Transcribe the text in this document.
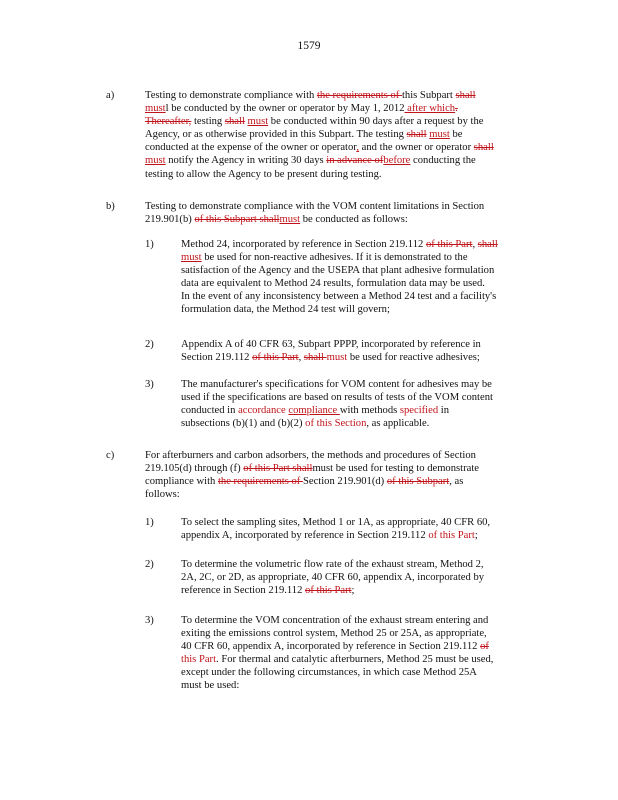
1579
a)	Testing to demonstrate compliance with the requirements of this Subpart shall
mustl be conducted by the owner or operator by May 1, 2012 after which.
Thereafter, testing shall must be conducted within 90 days after a request by the
Agency, or as otherwise provided in this Subpart. The testing shall must be
conducted at the expense of the owner or operator, and the owner or operator shall
must notify the Agency in writing 30 days in advance ofbefore conducting the
testing to allow the Agency to be present during testing.
b)	Testing to demonstrate compliance with the VOM content limitations in Section
219.901(b) of this Subpart shallmust be conducted as follows:
1)	Method 24, incorporated by reference in Section 219.112 of this Part, shall
must be used for non-reactive adhesives. If it is demonstrated to the
satisfaction of the Agency and the USEPA that plant adhesive formulation
data are equivalent to Method 24 results, formulation data may be used.
In the event of any inconsistency between a Method 24 test and a facility's
formulation data, the Method 24 test will govern;
2)	Appendix A of 40 CFR 63, Subpart PPPP, incorporated by reference in
Section 219.112 of this Part, shall must be used for reactive adhesives;
3)	The manufacturer's specifications for VOM content for adhesives may be
used if the specifications are based on results of tests of the VOM content
conducted in accordance compliance with methods specified in
subsections (b)(1) and (b)(2) of this Section, as applicable.
c)	For afterburners and carbon adsorbers, the methods and procedures of Section
219.105(d) through (f) of this Part shallmust be used for testing to demonstrate
compliance with the requirements of Section 219.901(d) of this Subpart, as
follows:
1)	To select the sampling sites, Method 1 or 1A, as appropriate, 40 CFR 60,
appendix A, incorporated by reference in Section 219.112 of this Part;
2)	To determine the volumetric flow rate of the exhaust stream, Method 2,
2A, 2C, or 2D, as appropriate, 40 CFR 60, appendix A, incorporated by
reference in Section 219.112 of this Part;
3)	To determine the VOM concentration of the exhaust stream entering and
exiting the emissions control system, Method 25 or 25A, as appropriate,
40 CFR 60, appendix A, incorporated by reference in Section 219.112 of
this Part. For thermal and catalytic afterburners, Method 25 must be used,
except under the following circumstances, in which case Method 25A
must be used:
